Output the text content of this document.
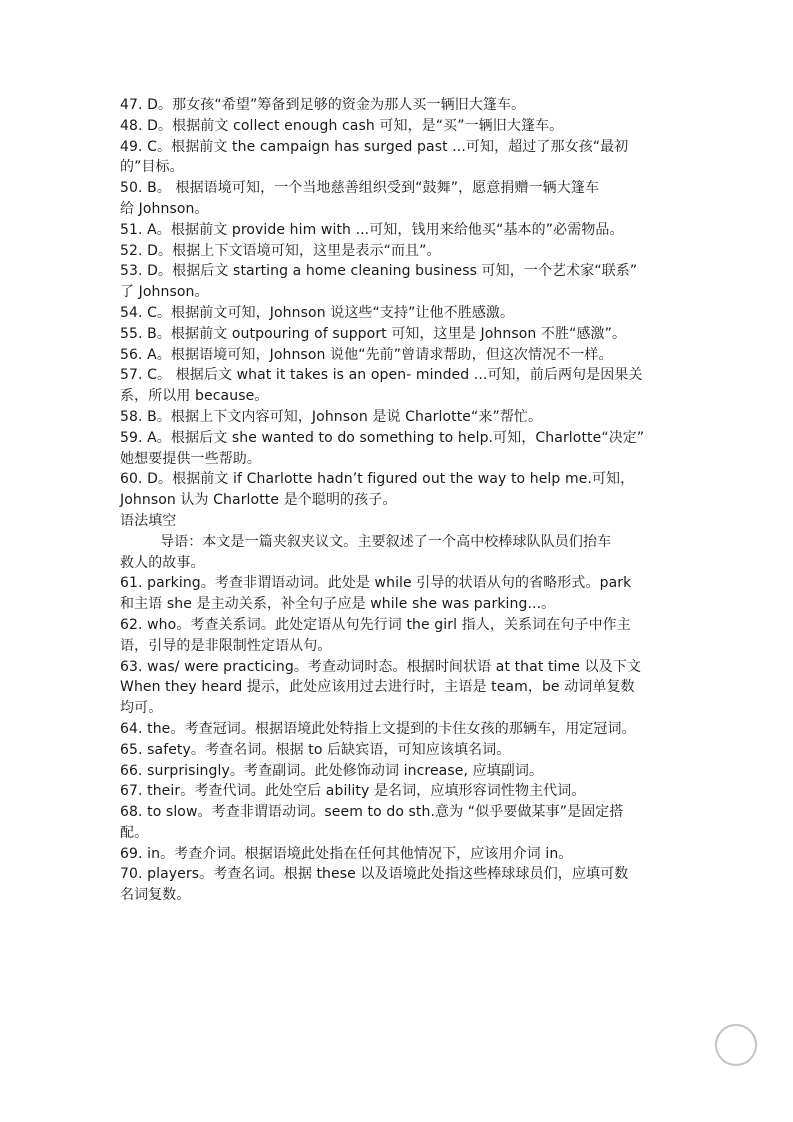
47. D。那女孩“希望”筹备到足够的资金为那人买一辆旧大篷车。
48. D。根据前文 collect enough cash 可知，是“买”一辆旧大篷车。
49. C。根据前文 the campaign has surged past ...可知，超过了那女孩“最初
的”目标。
50. B。 根据语境可知，一个当地慈善组织受到“鼓舞”，愿意捐赠一辆大篷车
给 Johnson。
51. A。根据前文 provide him with ...可知，钱用来给他买“基本的”必需物品。
52. D。根据上下文语境可知，这里是表示“而且”。
53. D。根据后文 starting a home cleaning business 可知，一个艺术家“联系”
了 Johnson。
54. C。根据前文可知，Johnson 说这些“支持”让他不胜感激。
55. B。根据前文 outpouring of support 可知，这里是 Johnson 不胜“感激”。
56. A。根据语境可知，Johnson 说他“先前”曾请求帮助，但这次情况不一样。
57. C。 根据后文 what it takes is an open- minded ...可知，前后两句是因果关
系，所以用 because。
58. B。根据上下文内容可知，Johnson 是说 Charlotte“来”帮忙。
59. A。根据后文 she wanted to do something to help.可知，Charlotte“决定”
她想要提供一些帮助。
60. D。根据前文 if Charlotte hadn’t figured out the way to help me.可知，
Johnson 认为 Charlotte 是个聪明的孩子。
语法填空
导语：本文是一篇夹叙夹议文。主要叙述了一个高中校棒球队队员们抬车
救人的故事。
61. parking。考查非谓语动词。此处是 while 引导的状语从句的省略形式。park
和主语 she 是主动关系，补全句子应是 while she was parking...。
62. who。考查关系词。此处定语从句先行词 the girl 指人，关系词在句子中作主
语，引导的是非限制性定语从句。
63. was/ were practicing。考查动词时态。根据时间状语 at that time 以及下文
When they heard 提示，此处应该用过去进行时，主语是 team，be 动词单复数
均可。
64. the。考查冠词。根据语境此处特指上文提到的卡住女孩的那辆车，用定冠词。
65. safety。考查名词。根据 to 后缺宾语，可知应该填名词。
66. surprisingly。考查副词。此处修饰动词 increase, 应填副词。
67. their。考查代词。此处空后 ability 是名词，应填形容词性物主代词。
68. to slow。考查非谓语动词。seem to do sth.意为 “似乎要做某事”是固定搭
配。
69. in。考查介词。根据语境此处指在任何其他情况下，应该用介词 in。
70. players。考查名词。根据 these 以及语境此处指这些棒球球员们，应填可数
名词复数。
